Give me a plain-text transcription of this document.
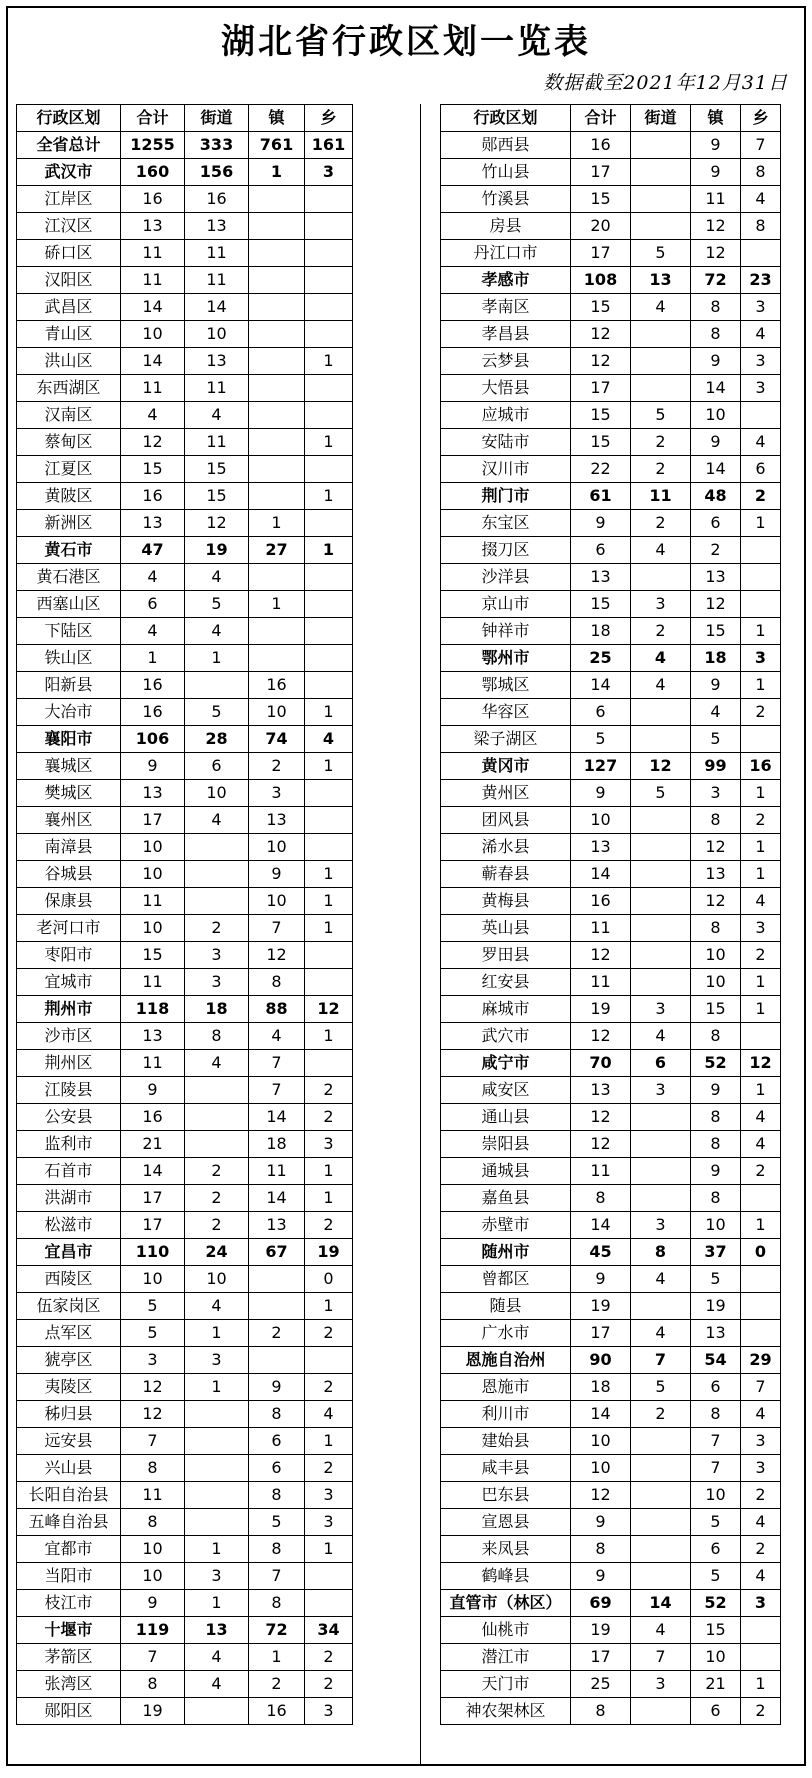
湖北省行政区划一览表
数据截至2021年12月31日
行政区划	合计	街道	镇	乡
全省总计	1255	333	761	161
武汉市	160	156	1	3
江岸区	16	16		
江汉区	13	13		
硚口区	11	11		
汉阳区	11	11		
武昌区	14	14		
青山区	10	10		
洪山区	14	13		1
东西湖区	11	11		
汉南区	4	4		
蔡甸区	12	11		1
江夏区	15	15		
黄陂区	16	15		1
新洲区	13	12	1	
黄石市	47	19	27	1
黄石港区	4	4		
西塞山区	6	5	1	
下陆区	4	4		
铁山区	1	1		
阳新县	16		16	
大冶市	16	5	10	1
襄阳市	106	28	74	4
襄城区	9	6	2	1
樊城区	13	10	3	
襄州区	17	4	13	
南漳县	10		10	
谷城县	10		9	1
保康县	11		10	1
老河口市	10	2	7	1
枣阳市	15	3	12	
宜城市	11	3	8	
荆州市	118	18	88	12
沙市区	13	8	4	1
荆州区	11	4	7	
江陵县	9		7	2
公安县	16		14	2
监利市	21		18	3
石首市	14	2	11	1
洪湖市	17	2	14	1
松滋市	17	2	13	2
宜昌市	110	24	67	19
西陵区	10	10		0
伍家岗区	5	4		1
点军区	5	1	2	2
猇亭区	3	3		
夷陵区	12	1	9	2
秭归县	12		8	4
远安县	7		6	1
兴山县	8		6	2
长阳自治县	11		8	3
五峰自治县	8		5	3
宜都市	10	1	8	1
当阳市	10	3	7	
枝江市	9	1	8	
十堰市	119	13	72	34
茅箭区	7	4	1	2
张湾区	8	4	2	2
郧阳区	19		16	3
行政区划	合计	街道	镇	乡
郧西县	16		9	7
竹山县	17		9	8
竹溪县	15		11	4
房县	20		12	8
丹江口市	17	5	12	
孝感市	108	13	72	23
孝南区	15	4	8	3
孝昌县	12		8	4
云梦县	12		9	3
大悟县	17		14	3
应城市	15	5	10	
安陆市	15	2	9	4
汉川市	22	2	14	6
荆门市	61	11	48	2
东宝区	9	2	6	1
掇刀区	6	4	2	
沙洋县	13		13	
京山市	15	3	12	
钟祥市	18	2	15	1
鄂州市	25	4	18	3
鄂城区	14	4	9	1
华容区	6		4	2
梁子湖区	5		5	
黄冈市	127	12	99	16
黄州区	9	5	3	1
团风县	10		8	2
浠水县	13		12	1
蕲春县	14		13	1
黄梅县	16		12	4
英山县	11		8	3
罗田县	12		10	2
红安县	11		10	1
麻城市	19	3	15	1
武穴市	12	4	8	
咸宁市	70	6	52	12
咸安区	13	3	9	1
通山县	12		8	4
崇阳县	12		8	4
通城县	11		9	2
嘉鱼县	8		8	
赤壁市	14	3	10	1
随州市	45	8	37	0
曾都区	9	4	5	
随县	19		19	
广水市	17	4	13	
恩施自治州	90	7	54	29
恩施市	18	5	6	7
利川市	14	2	8	4
建始县	10		7	3
咸丰县	10		7	3
巴东县	12		10	2
宣恩县	9		5	4
来凤县	8		6	2
鹤峰县	9		5	4
直管市（林区）	69	14	52	3
仙桃市	19	4	15	
潜江市	17	7	10	
天门市	25	3	21	1
神农架林区	8		6	2
